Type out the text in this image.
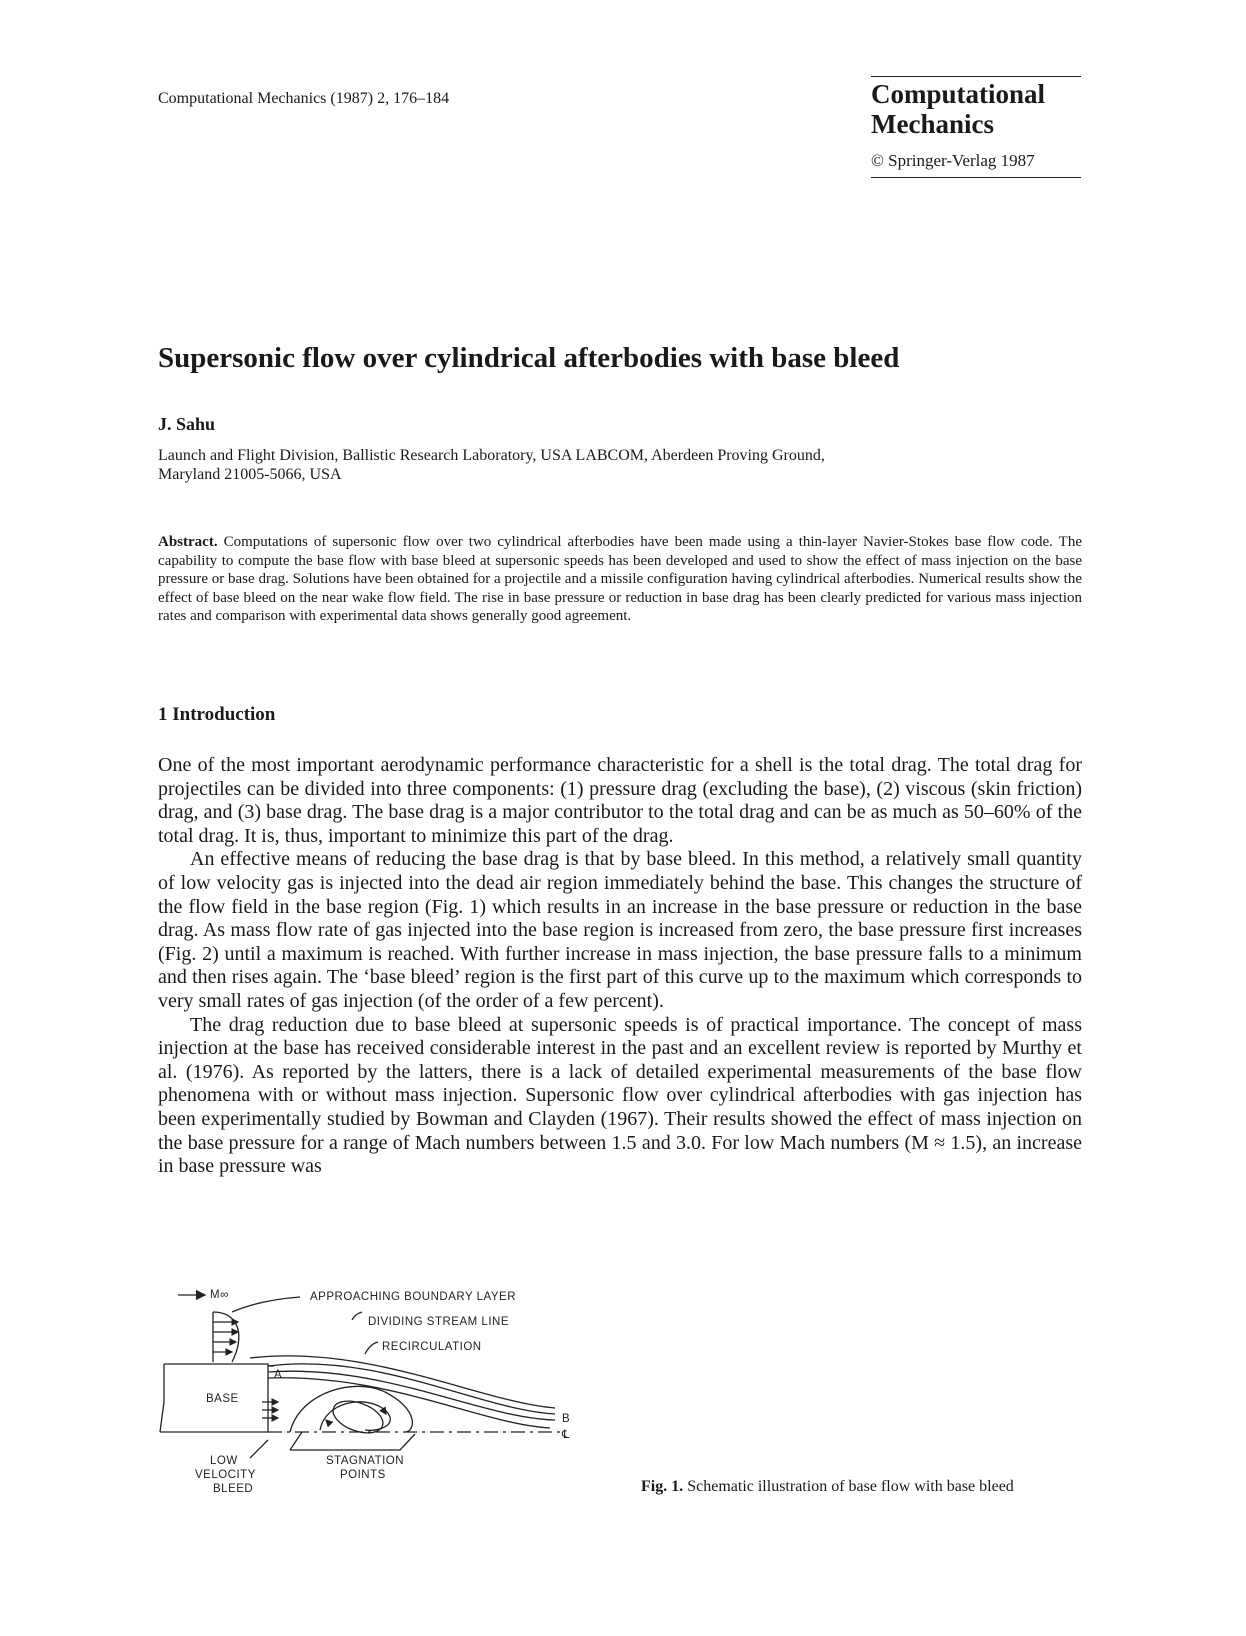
Computational Mechanics (1987) 2, 176–184	Computational
Mechanics
© Springer-Verlag 1987
Supersonic flow over cylindrical afterbodies with base bleed
J. Sahu
Launch and Flight Division, Ballistic Research Laboratory, USA LABCOM, Aberdeen Proving Ground,
Maryland 21005-5066, USA
Abstract. Computations of supersonic flow over two cylindrical afterbodies have been made using a thin-layer Navier-Stokes base flow code. The capability to compute the base flow with base bleed at supersonic speeds has been developed and used to show the effect of mass injection on the base pressure or base drag. Solutions have been obtained for a projectile and a missile configuration having cylindrical afterbodies. Numerical results show the effect of base bleed on the near wake flow field. The rise in base pressure or reduction in base drag has been clearly predicted for various mass injection rates and comparison with experimental data shows generally good agreement.
1 Introduction

One of the most important aerodynamic performance characteristic for a shell is the total drag. The total drag for projectiles can be divided into three components: (1) pressure drag (excluding the base), (2) viscous (skin friction) drag, and (3) base drag. The base drag is a major contributor to the total drag and can be as much as 50–60% of the total drag. It is, thus, important to minimize this part of the drag.

An effective means of reducing the base drag is that by base bleed. In this method, a relatively small quantity of low velocity gas is injected into the dead air region immediately behind the base. This changes the structure of the flow field in the base region (Fig. 1) which results in an increase in the base pressure or reduction in the base drag. As mass flow rate of gas injected into the base region is increased from zero, the base pressure first increases (Fig. 2) until a maximum is reached. With further increase in mass injection, the base pressure falls to a minimum and then rises again. The ‘base bleed’ region is the first part of this curve up to the maximum which corresponds to very small rates of gas injection (of the order of a few percent).

The drag reduction due to base bleed at supersonic speeds is of practical importance. The concept of mass injection at the base has received considerable interest in the past and an excellent review is reported by Murthy et al. (1976). As reported by the latters, there is a lack of detailed experimental measurements of the base flow phenomena with or without mass injection. Supersonic flow over cylindrical afterbodies with gas injection has been experimentally studied by Bowman and Clayden (1967). Their results showed the effect of mass injection on the base pressure for a range of Mach numbers between 1.5 and 3.0. For low Mach numbers (M ≈ 1.5), an increase in base pressure was

M∞	APPROACHING BOUNDARY LAYER
DIVIDING STREAM LINE
RECIRCULATION
BASE
A
B
℄
LOW
VELOCITY
BLEED
STAGNATION
POINTS
Fig. 1. Schematic illustration of base flow with base bleed
